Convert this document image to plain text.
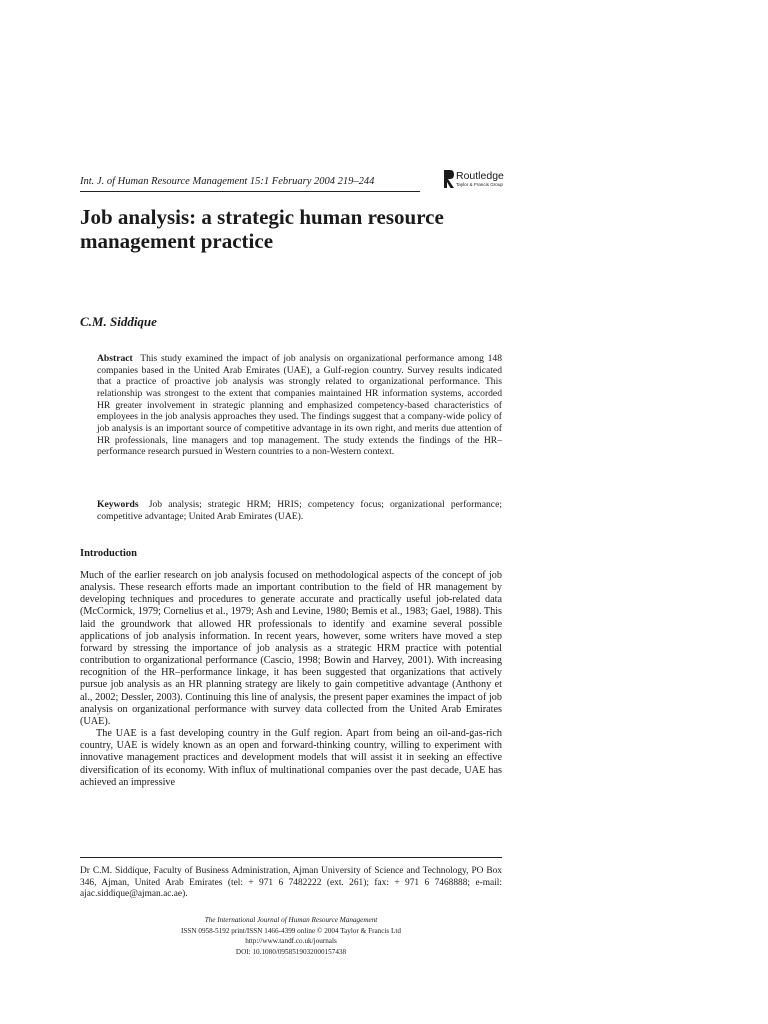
Int. J. of Human Resource Management 15:1 February 2004 219–244	Routledge
Taylor & Francis Group
Job analysis: a strategic human resource management practice
C.M. Siddique

Abstract This study examined the impact of job analysis on organizational performance among 148 companies based in the United Arab Emirates (UAE), a Gulf-region country. Survey results indicated that a practice of proactive job analysis was strongly related to organizational performance. This relationship was strongest to the extent that companies maintained HR information systems, accorded HR greater involvement in strategic planning and emphasized competency-based characteristics of employees in the job analysis approaches they used. The findings suggest that a company-wide policy of job analysis is an important source of competitive advantage in its own right, and merits due attention of HR professionals, line managers and top management. The study extends the findings of the HR–performance research pursued in Western countries to a non-Western context.

Keywords Job analysis; strategic HRM; HRIS; competency focus; organizational performance; competitive advantage; United Arab Emirates (UAE).

Introduction

Much of the earlier research on job analysis focused on methodological aspects of the concept of job analysis. These research efforts made an important contribution to the field of HR management by developing techniques and procedures to generate accurate and practically useful job-related data (McCormick, 1979; Cornelius et al., 1979; Ash and Levine, 1980; Bemis et al., 1983; Gael, 1988). This laid the groundwork that allowed HR professionals to identify and examine several possible applications of job analysis information. In recent years, however, some writers have moved a step forward by stressing the importance of job analysis as a strategic HRM practice with potential contribution to organizational performance (Cascio, 1998; Bowin and Harvey, 2001). With increasing recognition of the HR–performance linkage, it has been suggested that organizations that actively pursue job analysis as an HR planning strategy are likely to gain competitive advantage (Anthony et al., 2002; Dessler, 2003). Continuing this line of analysis, the present paper examines the impact of job analysis on organizational performance with survey data collected from the United Arab Emirates (UAE).

The UAE is a fast developing country in the Gulf region. Apart from being an oil-and-gas-rich country, UAE is widely known as an open and forward-thinking country, willing to experiment with innovative management practices and development models that will assist it in seeking an effective diversification of its economy. With influx of multinational companies over the past decade, UAE has achieved an impressive

Dr C.M. Siddique, Faculty of Business Administration, Ajman University of Science and Technology, PO Box 346, Ajman, United Arab Emirates (tel: + 971 6 7482222 (ext. 261); fax: + 971 6 7468888; e-mail: ajac.siddique@ajman.ac.ae).

The International Journal of Human Resource Management
ISSN 0958-5192 print/ISSN 1466-4399 online © 2004 Taylor & Francis Ltd
http://www.tandf.co.uk/journals
DOI: 10.1080/0958519032000157438
